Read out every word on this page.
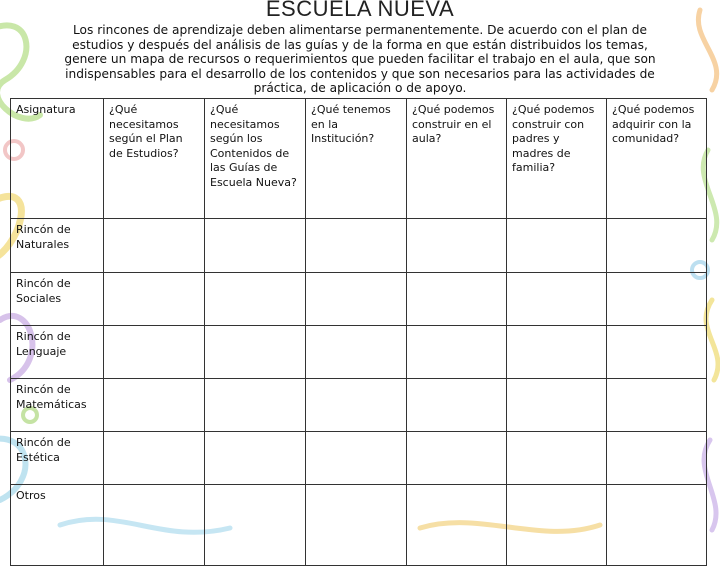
ESCUELA NUEVA
Los rincones de aprendizaje deben alimentarse permanentemente. De acuerdo con el plan de estudios y después del análisis de las guías y de la forma en que están distribuidos los temas, genere un mapa de recursos o requerimientos que pueden facilitar el trabajo en el aula, que son indispensables para el desarrollo de los contenidos y que son necesarios para las actividades de práctica, de aplicación o de apoyo.
Asignatura	¿Qué necesitamos según el Plan de Estudios?	¿Qué necesitamos según los Contenidos de las Guías de Escuela Nueva?	¿Qué tenemos en la Institución?	¿Qué podemos construir en el aula?	¿Qué podemos construir con padres y madres de familia?	¿Qué podemos adquirir con la comunidad?
Rincón de Naturales						
Rincón de Sociales						
Rincón de Lenguaje						
Rincón de Matemáticas						
Rincón de Estética						
Otros						
